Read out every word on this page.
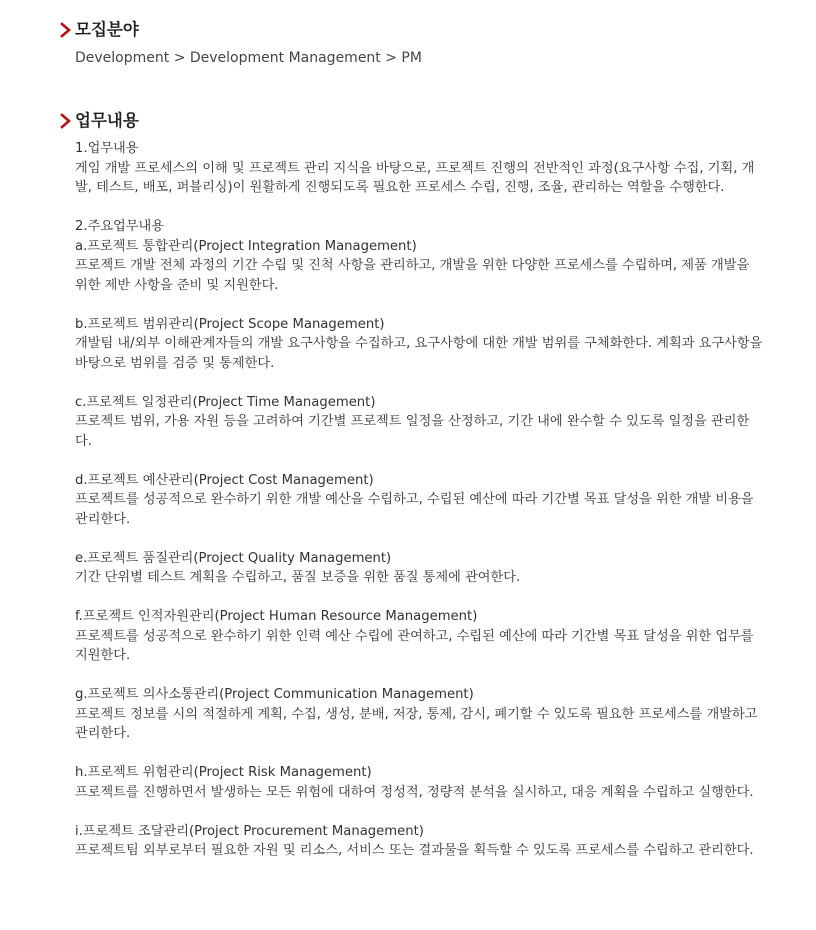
모집분야
Development > Development Management > PM
업무내용
1.업무내용
게임 개발 프로세스의 이해 및 프로젝트 관리 지식을 바탕으로, 프로젝트 진행의 전반적인 과정(요구사항 수집, 기획, 개발, 테스트, 배포, 퍼블리싱)이 원활하게 진행되도록 필요한 프로세스 수립, 진행, 조율, 관리하는 역할을 수행한다.
2.주요업무내용
a.프로젝트 통합관리(Project Integration Management)
프로젝트 개발 전체 과정의 기간 수립 및 진척 사항을 관리하고, 개발을 위한 다양한 프로세스를 수립하며, 제품 개발을 위한 제반 사항을 준비 및 지원한다.
b.프로젝트 범위관리(Project Scope Management)
개발팀 내/외부 이해관계자들의 개발 요구사항을 수집하고, 요구사항에 대한 개발 범위를 구체화한다. 계획과 요구사항을 바탕으로 범위를 검증 및 통제한다.
c.프로젝트 일정관리(Project Time Management)
프로젝트 범위, 가용 자원 등을 고려하여 기간별 프로젝트 일정을 산정하고, 기간 내에 완수할 수 있도록 일정을 관리한다.
d.프로젝트 예산관리(Project Cost Management)
프로젝트를 성공적으로 완수하기 위한 개발 예산을 수립하고, 수립된 예산에 따라 기간별 목표 달성을 위한 개발 비용을 관리한다.
e.프로젝트 품질관리(Project Quality Management)
기간 단위별 테스트 계획을 수립하고, 품질 보증을 위한 품질 통제에 관여한다.
f.프로젝트 인적자원관리(Project Human Resource Management)
프로젝트를 성공적으로 완수하기 위한 인력 예산 수립에 관여하고, 수립된 예산에 따라 기간별 목표 달성을 위한 업무를 지원한다.
g.프로젝트 의사소통관리(Project Communication Management)
프로젝트 정보를 시의 적절하게 계획, 수집, 생성, 분배, 저장, 통제, 감시, 폐기할 수 있도록 필요한 프로세스를 개발하고 관리한다.
h.프로젝트 위험관리(Project Risk Management)
프로젝트를 진행하면서 발생하는 모든 위험에 대하여 정성적, 정량적 분석을 실시하고, 대응 계획을 수립하고 실행한다.
i.프로젝트 조달관리(Project Procurement Management)
프로젝트팀 외부로부터 필요한 자원 및 리소스, 서비스 또는 결과물을 획득할 수 있도록 프로세스를 수립하고 관리한다.
